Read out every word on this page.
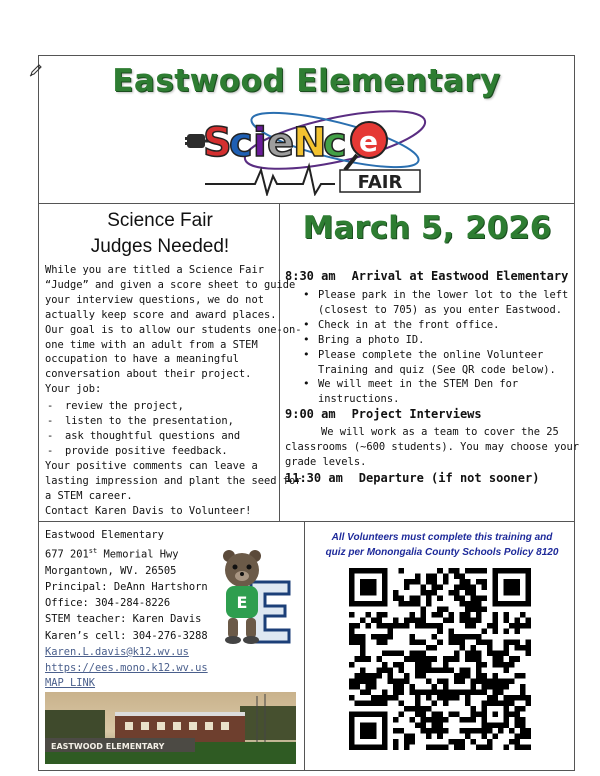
Eastwood Elementary
S
c i e
N
c e
FAIR
Science Fair
Judges Needed!
While you are titled a Science Fair
“Judge” and given a score sheet to guide
your interview questions, we do not
actually keep score and award places.
Our goal is to allow our students one-on-
one time with an adult from a STEM
occupation to have a meaningful
conversation about their project.
Your job:
- review the project,
- listen to the presentation,
- ask thoughtful questions and
- provide positive feedback.
Your positive comments can leave a
lasting impression and plant the seed for
a STEM career.
Contact Karen Davis to Volunteer!
March 5, 2026
8:30 am Arrival at Eastwood Elementary
• Please park in the lower lot to the left
(closest to 705) as you enter Eastwood.
• Check in at the front office.
• Bring a photo ID.
• Please complete the online Volunteer
Training and quiz (See QR code below).
• We will meet in the STEM Den for
instructions.
9:00 am Project Interviews
We will work as a team to cover the 25
classrooms (~600 students). You may choose your
grade levels.
11:30 am Departure (if not sooner)
Eastwood Elementary
677 201st Memorial Hwy
Morgantown, WV. 26505
Principal: DeAnn Hartshorn
Office: 304-284-8226
STEM teacher: Karen Davis
Karen’s cell: 304-276-3288
Karen.L.davis@k12.wv.us
https://ees.mono.k12.wv.us
MAP LINK
E
EASTWOOD ELEMENTARY
All Volunteers must complete this training and
quiz per Monongalia County Schools Policy 8120
